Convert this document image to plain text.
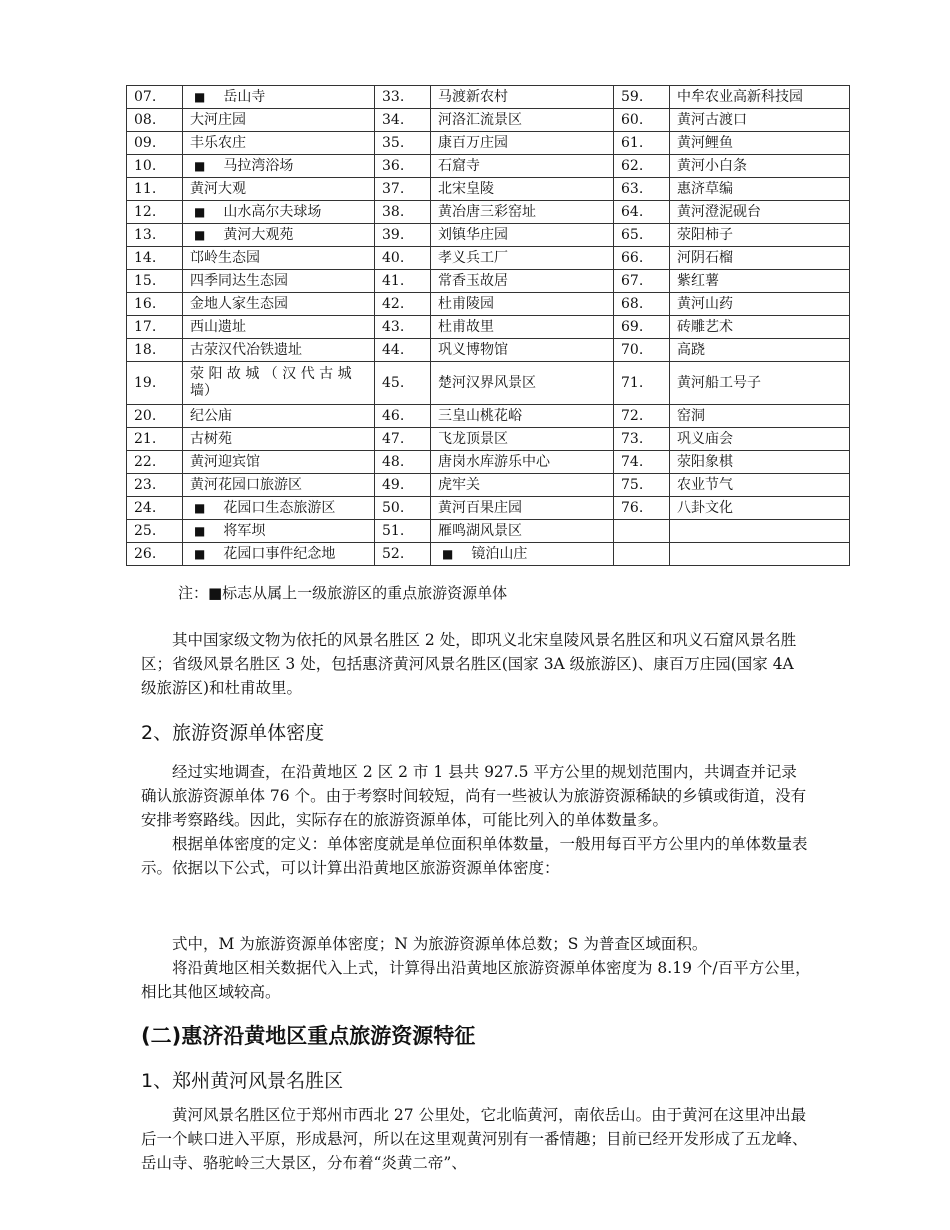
07.	■ 岳山寺	33.	马渡新农村	59.	中牟农业高新科技园
08.	大河庄园	34.	河洛汇流景区	60.	黄河古渡口
09.	丰乐农庄	35.	康百万庄园	61.	黄河鲤鱼
10.	■ 马拉湾浴场	36.	石窟寺	62.	黄河小白条
11.	黄河大观	37.	北宋皇陵	63.	惠济草编
12.	■ 山水高尔夫球场	38.	黄冶唐三彩窑址	64.	黄河澄泥砚台
13.	■ 黄河大观苑	39.	刘镇华庄园	65.	荥阳柿子
14.	邙岭生态园	40.	孝义兵工厂	66.	河阴石榴
15.	四季同达生态园	41.	常香玉故居	67.	紫红薯
16.	金地人家生态园	42.	杜甫陵园	68.	黄河山药
17.	西山遗址	43.	杜甫故里	69.	砖雕艺术
18.	古荥汉代冶铁遗址	44.	巩义博物馆	70.	高跷
19.	荥 阳 故 城 （ 汉 代 古 城 墙）	45.	楚河汉界风景区	71.	黄河船工号子
20.	纪公庙	46.	三皇山桃花峪	72.	窑洞
21.	古树苑	47.	飞龙顶景区	73.	巩义庙会
22.	黄河迎宾馆	48.	唐岗水库游乐中心	74.	荥阳象棋
23.	黄河花园口旅游区	49.	虎牢关	75.	农业节气
24.	■ 花园口生态旅游区	50.	黄河百果庄园	76.	八卦文化
25.	■ 将军坝	51.	雁鸣湖风景区		
26.	■ 花园口事件纪念地	52.	■ 镜泊山庄		
注：■标志从属上一级旅游区的重点旅游资源单体

其中国家级文物为依托的风景名胜区 2 处，即巩义北宋皇陵风景名胜区和巩义石窟风景名胜区；省级风景名胜区 3 处，包括惠济黄河风景名胜区(国家 3A 级旅游区)、康百万庄园(国家 4A 级旅游区)和杜甫故里。

2、旅游资源单体密度

经过实地调查，在沿黄地区 2 区 2 市 1 县共 927.5 平方公里的规划范围内，共调查并记录确认旅游资源单体 76 个。由于考察时间较短，尚有一些被认为旅游资源稀缺的乡镇或街道，没有安排考察路线。因此，实际存在的旅游资源单体，可能比列入的单体数量多。

根据单体密度的定义：单体密度就是单位面积单体数量，一般用每百平方公里内的单体数量表示。依据以下公式，可以计算出沿黄地区旅游资源单体密度：

式中，M 为旅游资源单体密度；N 为旅游资源单体总数；S 为普查区域面积。

将沿黄地区相关数据代入上式，计算得出沿黄地区旅游资源单体密度为 8.19 个/百平方公里，相比其他区域较高。

(二)惠济沿黄地区重点旅游资源特征
1、郑州黄河风景名胜区

黄河风景名胜区位于郑州市西北 27 公里处，它北临黄河，南依岳山。由于黄河在这里冲出最后一个峡口进入平原，形成悬河，所以在这里观黄河别有一番情趣；目前已经开发形成了五龙峰、岳山寺、骆驼岭三大景区，分布着“炎黄二帝”、
